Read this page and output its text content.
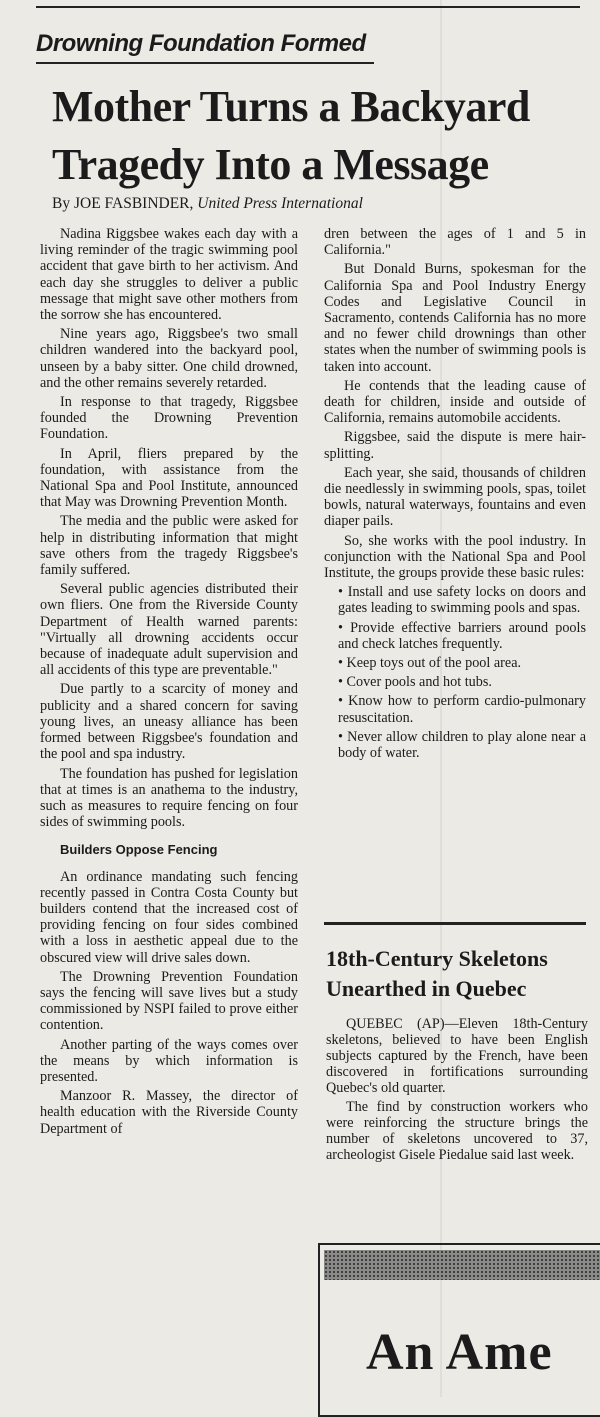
Drowning Foundation Formed
Mother Turns a Backyard
Tragedy Into a Message
By JOE FASBINDER, United Press International

Nadina Riggsbee wakes each day with a living reminder of the tragic swimming pool accident that gave birth to her activism. And each day she struggles to deliver a public message that might save other mothers from the sorrow she has encountered.

Nine years ago, Riggsbee's two small children wandered into the backyard pool, unseen by a baby sitter. One child drowned, and the other remains severely retarded.

In response to that tragedy, Riggsbee founded the Drowning Prevention Foundation.

In April, fliers prepared by the foundation, with assistance from the National Spa and Pool Institute, announced that May was Drowning Prevention Month.

The media and the public were asked for help in distributing information that might save others from the tragedy Riggsbee's family suffered.

Several public agencies distributed their own fliers. One from the Riverside County Department of Health warned parents: "Virtually all drowning accidents occur because of inadequate adult supervision and all accidents of this type are preventable."

Due partly to a scarcity of money and publicity and a shared concern for saving young lives, an uneasy alliance has been formed between Riggsbee's foundation and the pool and spa industry.

The foundation has pushed for legislation that at times is an anathema to the industry, such as measures to require fencing on four sides of swimming pools.

Builders Oppose Fencing

An ordinance mandating such fencing recently passed in Contra Costa County but builders contend that the increased cost of providing fencing on four sides combined with a loss in aesthetic appeal due to the obscured view will drive sales down.

The Drowning Prevention Foundation says the fencing will save lives but a study commissioned by NSPI failed to prove either contention.

Another parting of the ways comes over the means by which information is presented.

Manzoor R. Massey, the director of health education with the Riverside County Department of

dren between the ages of 1 and 5 in California."

But Donald Burns, spokesman for the California Spa and Pool Industry Energy Codes and Legislative Council in Sacramento, contends California has no more and no fewer child drownings than other states when the number of swimming pools is taken into account.

He contends that the leading cause of death for children, inside and outside of California, remains automobile accidents.

Riggsbee, said the dispute is mere hair-splitting.

Each year, she said, thousands of children die needlessly in swimming pools, spas, toilet bowls, natural waterways, fountains and even diaper pails.

So, she works with the pool industry. In conjunction with the National Spa and Pool Institute, the groups provide these basic rules:

• Install and use safety locks on doors and gates leading to swimming pools and spas.

• Provide effective barriers around pools and check latches frequently.

• Keep toys out of the pool area.

• Cover pools and hot tubs.

• Know how to perform cardio-pulmonary resuscitation.

• Never allow children to play alone near a body of water.

18th-Century Skeletons
Unearthed in Quebec

QUEBEC (AP)—Eleven 18th-Century skeletons, believed to have been English subjects captured by the French, have been discovered in fortifications surrounding Quebec's old quarter.

The find by construction workers who were reinforcing the structure brings the number of skeletons uncovered to 37, archeologist Gisele Piedalue said last week.

An Ame
